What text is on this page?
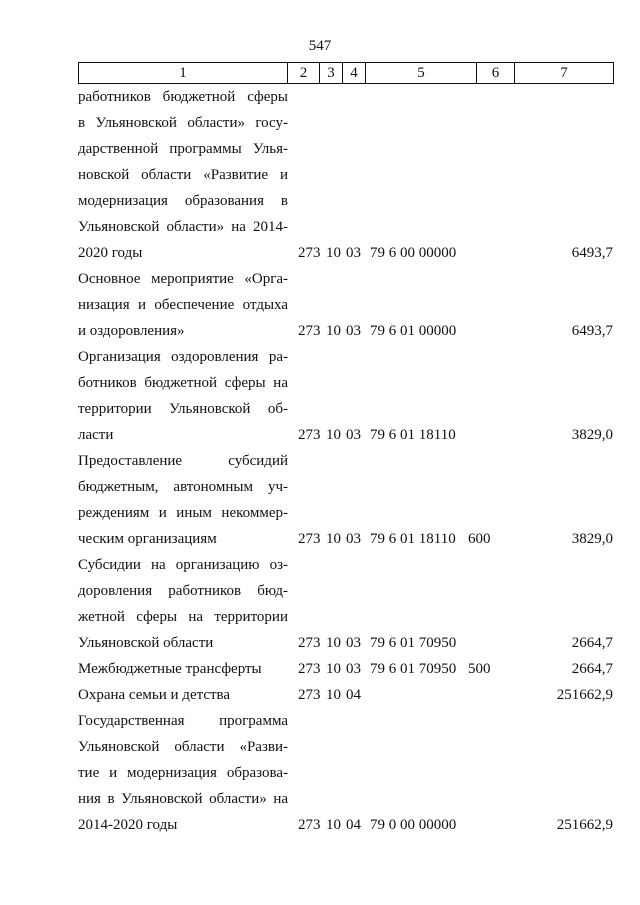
547
1	2	3	4	5	6	7
работников бюджетной сферы
в Ульяновской области» госу-
дарственной программы Улья-
новской области «Развитие и
модернизация образования в
Ульяновской области» на 2014-
2020 годы	273 10 03 79 6 00 00000	6493,7
Основное мероприятие «Орга-
низация и обеспечение отдыха
и оздоровления»	273 10 03 79 6 01 00000	6493,7
Организация оздоровления ра-
ботников бюджетной сферы на
территории Ульяновской об-
ласти	273 10 03 79 6 01 18110	3829,0
Предоставление субсидий
бюджетным, автономным уч-
реждениям и иным некоммер-
ческим организациям	273 10 03 79 6 01 18110 600	3829,0
Субсидии на организацию оз-
доровления работников бюд-
жетной сферы на территории
Ульяновской области	273 10 03 79 6 01 70950	2664,7
Межбюджетные трансферты	273 10 03 79 6 01 70950 500	2664,7
Охрана семьи и детства	273 10 04	251662,9
Государственная программа
Ульяновской области «Разви-
тие и модернизация образова-
ния в Ульяновской области» на
2014-2020 годы	273 10 04 79 0 00 00000	251662,9
